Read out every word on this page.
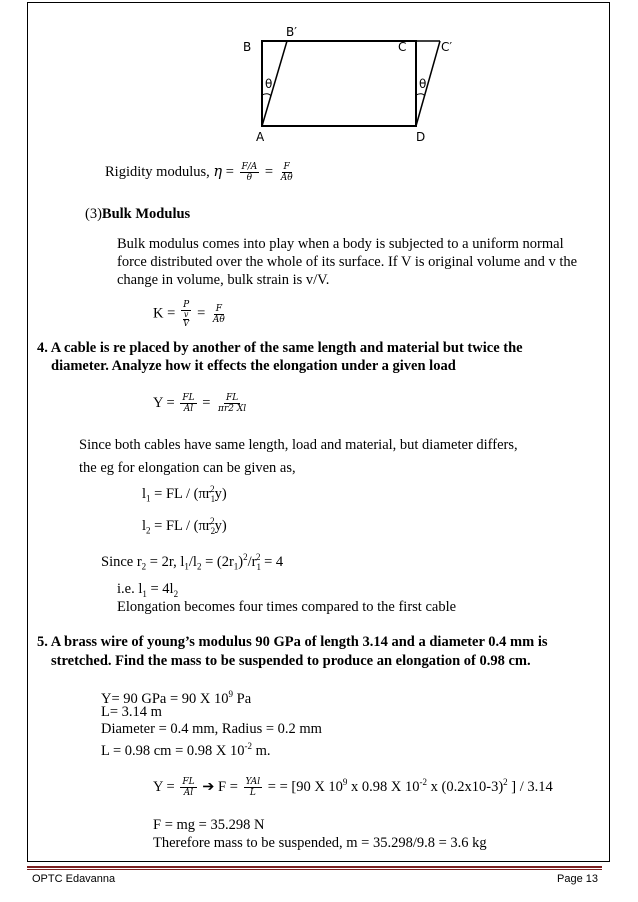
B
B′
C	C′
A	D
θ	θ
Rigidity modulus, $\eta = \frac{F/A}{\theta} = \frac{F}{A\theta}$
(3)Bulk Modulus
Bulk modulus comes into play when a body is subjected to a uniform normal
force distributed over the whole of its surface. If V is original volume and v the
change in volume, bulk strain is v/V.
K = P
v
$V = \frac{F}{A\theta}$
4. A cable is re placed by another of the same length and material but twice the
diameter. Analyze how it effects the elongation under a given load
$Y = \frac{FL}{Al} = \frac{FL}{\pi r2 Xl}$
Since both cables have same length, load and material, but diameter differs,
the eg for elongation can be given as,
$l_1$ = FL / $(\pi r_1^2y)$
$l_2$ = FL / $(\pi r_2^2y)$
Since $r_2 = 2r$, $l_1/l_2 = (2r_1)^2/r_1^2 = 4$
i.e. $l_1 = 4l_2$
Elongation becomes four times compared to the first cable
5. A brass wire of young’s modulus 90 GPa of length 3.14 and a diameter 0.4 mm is
stretched. Find the mass to be suspended to produce an elongation of 0.98 cm.
Y= 90 GPa = 90 X $10^9$ Pa
L= 3.14 m
Diameter = 0.4 mm, Radius = 0.2 mm
L = 0.98 cm = 0.98 X $10^{-2}$ m.
$Y = \frac{FL}{Al}$ ➔ $F = \frac{\text{YAl}}{L}$ = = [90 X $10^9$ x 0.98 X $10^{-2}$ x $(0.2x10-3)^2$ ] / 3.14
F = mg = 35.298 N
Therefore mass to be suspended, m = 35.298/9.8 = 3.6 kg
OPTC Edavanna	Page 13
